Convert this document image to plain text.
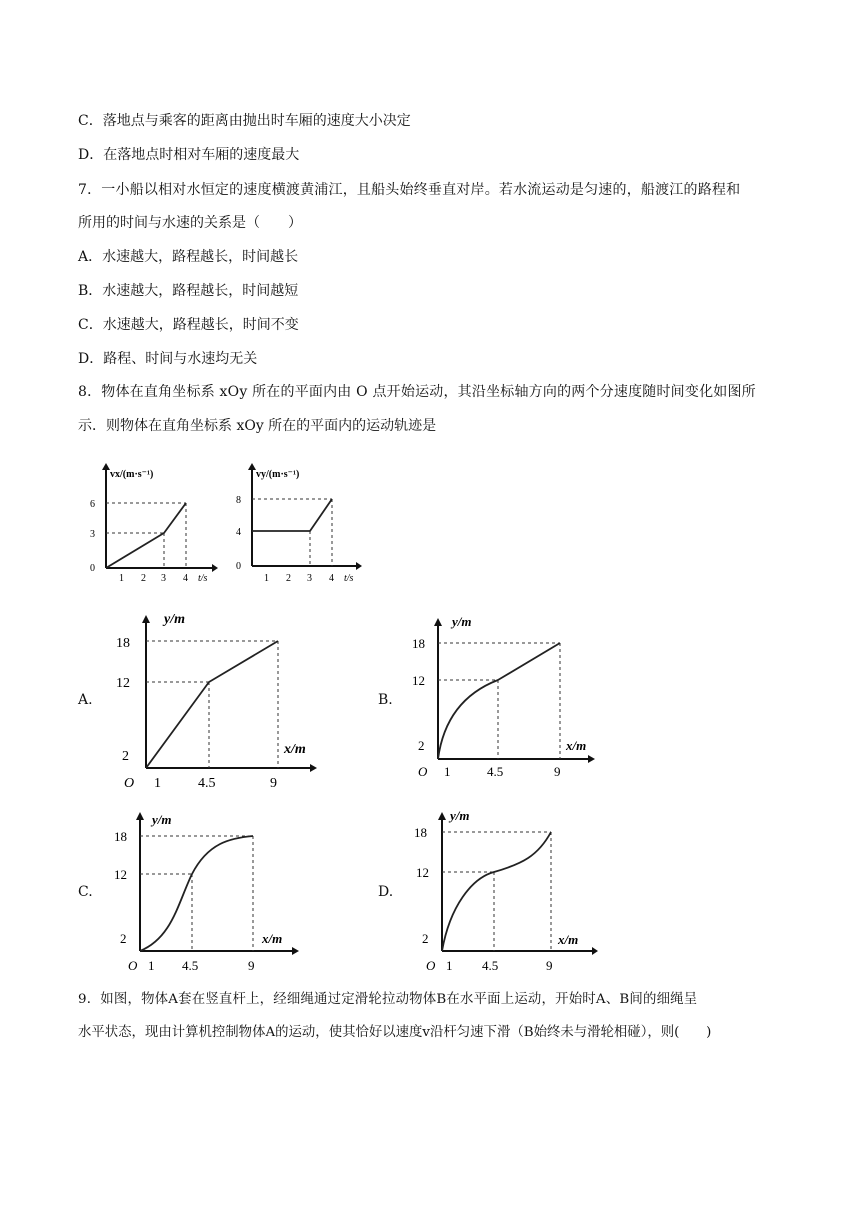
C．落地点与乘客的距离由抛出时车厢的速度大小决定
D．在落地点时相对车厢的速度最大
7．一小船以相对水恒定的速度横渡黄浦江，且船头始终垂直对岸。若水流运动是匀速的，船渡江的路程和
所用的时间与水速的关系是（　　）
A．水速越大，路程越长，时间越长
B．水速越大，路程越长，时间越短
C．水速越大，路程越长，时间不变
D．路程、时间与水速均无关
8．物体在直角坐标系 xOy 所在的平面内由 O 点开始运动，其沿坐标轴方向的两个分速度随时间变化如图所
示．则物体在直角坐标系 xOy 所在的平面内的运动轨迹是
vx/(m·s⁻¹)
6
3
0
1 2 3 4 t/s
vy/(m·s⁻¹)
8
4
0
1 2 3 4 t/s
A.	B.
C.	D.
y/m
18
12
2	x/m
O 1	4.5	9
y/m
18
12
2	x/m
O 1	4.5	9
y/m
18
12
2	x/m
O 1 4.5	9
y/m
18
12
2	x/m
O 1 4.5	9
9．如图，物体A套在竖直杆上，经细绳通过定滑轮拉动物体B在水平面上运动，开始时A、B间的细绳呈
水平状态，现由计算机控制物体A的运动，使其恰好以速度v沿杆匀速下滑（B始终未与滑轮相碰），则(　　)
